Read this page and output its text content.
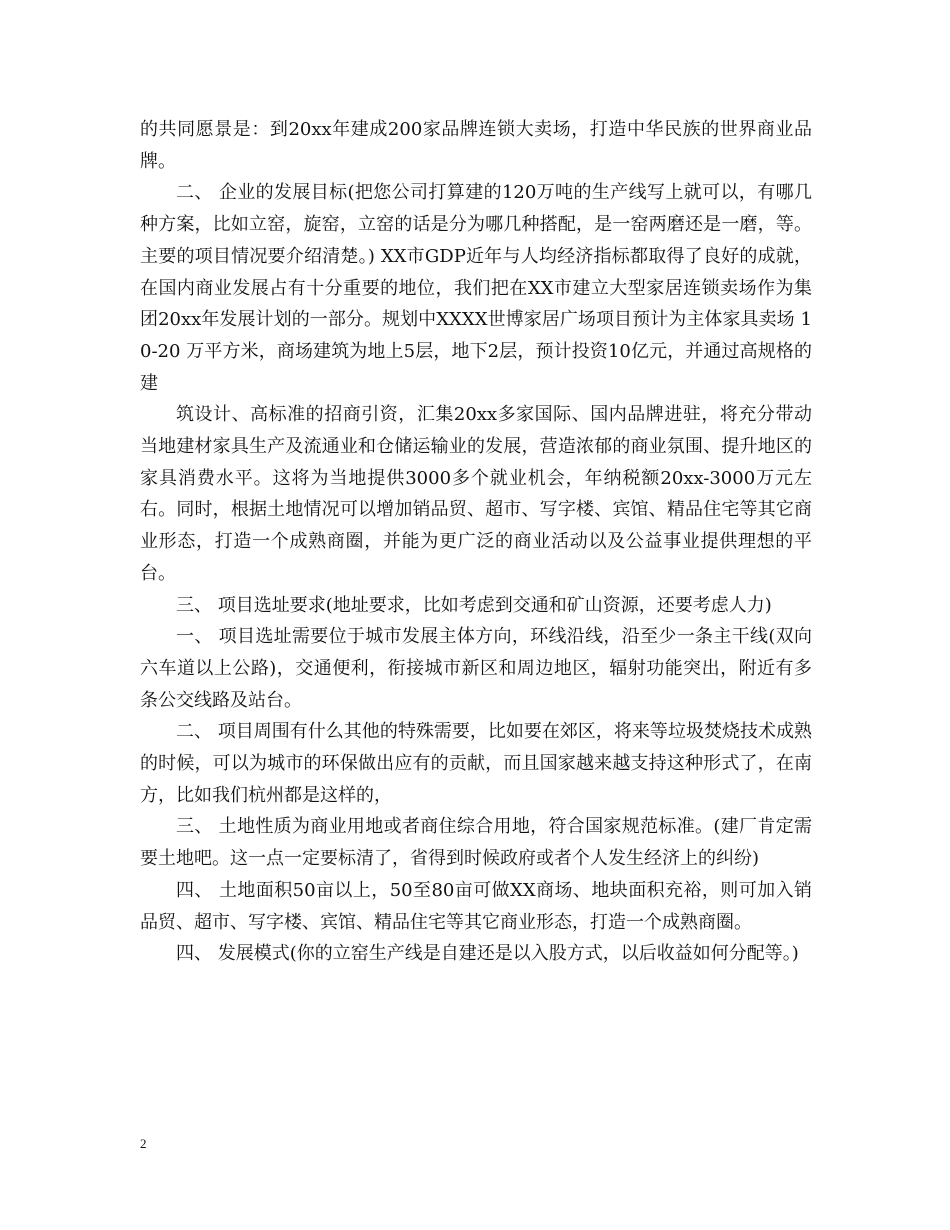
的共同愿景是：到20xx年建成200家品牌连锁大卖场，打造中华民族的世界商业品牌。

二、 企业的发展目标(把您公司打算建的120万吨的生产线写上就可以，有哪几种方案，比如立窑，旋窑，立窑的话是分为哪几种搭配，是一窑两磨还是一磨，等。主要的项目情况要介绍清楚。) XX市GDP近年与人均经济指标都取得了良好的成就，在国内商业发展占有十分重要的地位，我们把在XX市建立大型家居连锁卖场作为集团20xx年发展计划的一部分。规划中XXXX世博家居广场项目预计为主体家具卖场 10-20 万平方米，商场建筑为地上5层，地下2层，预计投资10亿元，并通过高规格的建

筑设计、高标准的招商引资，汇集20xx多家国际、国内品牌进驻，将充分带动当地建材家具生产及流通业和仓储运输业的发展，营造浓郁的商业氛围、提升地区的家具消费水平。这将为当地提供3000多个就业机会，年纳税额20xx-3000万元左右。同时，根据土地情况可以增加销品贸、超市、写字楼、宾馆、精品住宅等其它商业形态，打造一个成熟商圈，并能为更广泛的商业活动以及公益事业提供理想的平台。

三、 项目选址要求(地址要求，比如考虑到交通和矿山资源，还要考虑人力)

一、 项目选址需要位于城市发展主体方向，环线沿线，沿至少一条主干线(双向六车道以上公路)，交通便利，衔接城市新区和周边地区，辐射功能突出，附近有多条公交线路及站台。

二、 项目周围有什么其他的特殊需要，比如要在郊区，将来等垃圾焚烧技术成熟的时候，可以为城市的环保做出应有的贡献，而且国家越来越支持这种形式了，在南方，比如我们杭州都是这样的，

三、 土地性质为商业用地或者商住综合用地，符合国家规范标准。(建厂肯定需要土地吧。这一点一定要标清了，省得到时候政府或者个人发生经济上的纠纷)

四、 土地面积50亩以上，50至80亩可做XX商场、地块面积充裕，则可加入销品贸、超市、写字楼、宾馆、精品住宅等其它商业形态，打造一个成熟商圈。

四、 发展模式(你的立窑生产线是自建还是以入股方式，以后收益如何分配等。)

2
